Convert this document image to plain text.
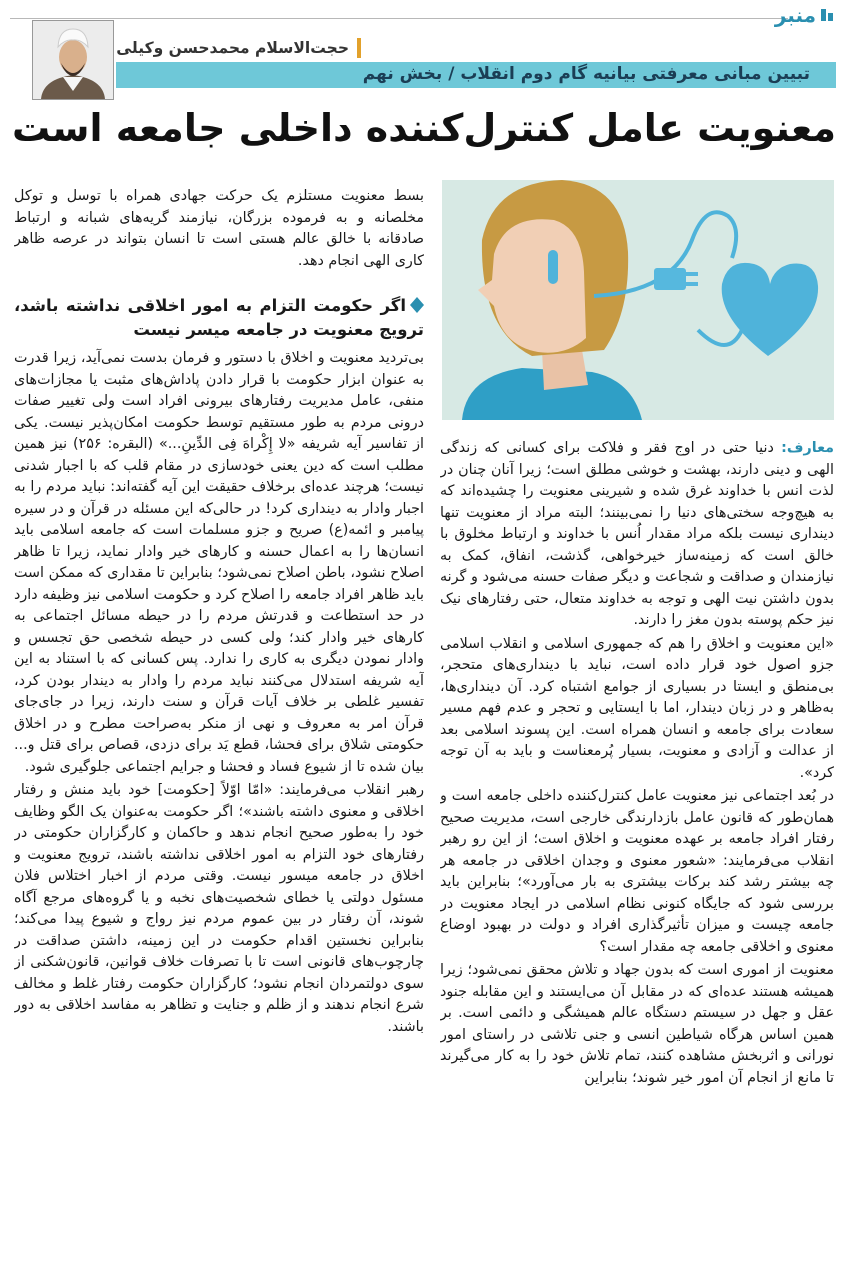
منبر
حجت‌الاسلام محمدحسن وکیلی
تبیین مبانی معرفتی بیانیه گام دوم انقلاب / بخش نهم
معنویت عامل کنترل‌کننده داخلی جامعه است

معارف: دنیا حتی در اوج فقر و فلاکت برای کسانی که زندگی الهی و دینی دارند، بهشت و خوشی مطلق است؛ زیرا آنان چنان در لذت انس با خداوند غرق شده و شیرینی معنویت را چشیده‌اند که به هیچ‌وجه سختی‌های دنیا را نمی‌بینند؛ البته مراد از معنویت تنها دینداری نیست بلکه مراد مقدار اُنس با خداوند و ارتباط مخلوق با خالق است که زمینه‌ساز خیرخواهی، گذشت، انفاق، کمک به نیازمندان و صداقت و شجاعت و دیگر صفات حسنه می‌شود و گرنه بدون داشتن نیت الهی و توجه به خداوند متعال، حتی رفتارهای نیک نیز حکم پوسته بدون مغز را دارند.

«این معنویت و اخلاق را هم که جمهوری اسلامی و انقلاب اسلامی جزو اصول خود قرار داده است، نباید با دینداری‌های متحجر، بی‌منطق و ایستا در بسیاری از جوامع اشتباه کرد. آن دینداری‌ها، به‌ظاهر و در زبان دیندار، اما با ایستایی و تحجر و عدم فهم مسیر سعادت برای جامعه و انسان همراه است. این پسوند اسلامی بعد از عدالت و آزادی و معنویت، بسیار پُرمعناست و باید به آن توجه کرد».

در بُعد اجتماعی نیز معنویت عامل کنترل‌کننده داخلی جامعه است و همان‌طور که قانون عامل بازدارندگی خارجی است، مدیریت صحیح رفتار افراد جامعه بر عهده معنویت و اخلاق است؛ از این رو رهبر انقلاب می‌فرمایند: «شعور معنوی و وجدان اخلاقی در جامعه هر چه بیشتر رشد کند برکات بیشتری به بار می‌آورد»؛ بنابراین باید بررسی شود که جایگاه کنونی نظام اسلامی در ایجاد معنویت در جامعه چیست و میزان تأثیرگذاری افراد و دولت در بهبود اوضاع معنوی و اخلاقی جامعه چه مقدار است؟

معنویت از اموری است که بدون جهاد و تلاش محقق نمی‌شود؛ زیرا همیشه هستند عده‌ای که در مقابل آن می‌ایستند و این مقابله جنود عقل و جهل در سیستم دستگاه عالم همیشگی و دائمی است. بر همین اساس هرگاه شیاطین انسی و جنی تلاشی در راستای امور نورانی و اثربخش مشاهده کنند، تمام تلاش خود را به کار می‌گیرند تا مانع از انجام آن امور خیر شوند؛ بنابراین

بسط معنویت مستلزم یک حرکت جهادی همراه با توسل و توکل مخلصانه و به فرموده بزرگان، نیازمند گریه‌های شبانه و ارتباط صادقانه با خالق عالم هستی است تا انسان بتواند در عرصه ظاهر کاری الهی انجام دهد.

اگر حکومت التزام به امور اخلاقی نداشته باشد، ترویج معنویت در جامعه میسر نیست

بی‌تردید معنویت و اخلاق با دستور و فرمان بدست نمی‌آید، زیرا قدرت به عنوان ابزار حکومت با قرار دادن پاداش‌های مثبت یا مجازات‌های منفی، عامل مدیریت رفتارهای بیرونی افراد است ولی تغییر صفات درونی مردم به طور مستقیم توسط حکومت امکان‌پذیر نیست. یکی از تفاسیر آیه شریفه «لا إِکْراهَ فِی الدِّینِ...» (البقره: ۲۵۶) نیز همین مطلب است که دین یعنی خودسازی در مقام قلب که با اجبار شدنی نیست؛ هرچند عده‌ای برخلاف حقیقت این آیه گفته‌اند: نباید مردم را به اجبار وادار به دینداری کرد! در حالی‌که این مسئله در قرآن و در سیره پیامبر و ائمه(ع) صریح و جزو مسلمات است که جامعه اسلامی باید انسان‌ها را به اعمال حسنه و کارهای خیر وادار نماید، زیرا تا ظاهر اصلاح نشود، باطن اصلاح نمی‌شود؛ بنابراین تا مقداری که ممکن است باید ظاهر افراد جامعه را اصلاح کرد و حکومت اسلامی نیز وظیفه دارد در حد استطاعت و قدرتش مردم را در حیطه مسائل اجتماعی به کارهای خیر وادار کند؛ ولی کسی در حیطه شخصی حق تجسس و وادار نمودن دیگری به کاری را ندارد. پس کسانی که با استناد به این آیه شریفه استدلال می‌کنند نباید مردم را وادار به دیندار بودن کرد، تفسیر غلطی بر خلاف آیات قرآن و سنت دارند، زیرا در جای‌جای قرآن امر به معروف و نهی از منکر به‌صراحت مطرح و در اخلاق حکومتی شلاق برای فحشا، قطع یَد برای دزدی، قصاص برای قتل و... بیان شده تا از شیوع فساد و فحشا و جرایم اجتماعی جلوگیری شود.

رهبر انقلاب می‌فرمایند: «امّا اوّلاً [حکومت] خود باید منش و رفتار اخلاقی و معنوی داشته باشند»؛ اگر حکومت به‌عنوان یک الگو وظایف خود را به‌طور صحیح انجام ندهد و حاکمان و کارگزاران حکومتی در رفتارهای خود التزام به امور اخلاقی نداشته باشند، ترویج معنویت و اخلاق در جامعه میسور نیست. وقتی مردم از اخبار اختلاس فلان مسئول دولتی یا خطای شخصیت‌های نخبه و یا گروه‌های مرجع آگاه شوند، آن رفتار در بین عموم مردم نیز رواج و شیوع پیدا می‌کند؛ بنابراین نخستین اقدام حکومت در این زمینه، داشتن صداقت در چارچوب‌های قانونی است تا با تصرفات خلاف قوانین، قانون‌شکنی از سوی دولتمردان انجام نشود؛ کارگزاران حکومت رفتار غلط و مخالف شرع انجام ندهند و از ظلم و جنایت و تظاهر به مفاسد اخلاقی به دور باشند.
